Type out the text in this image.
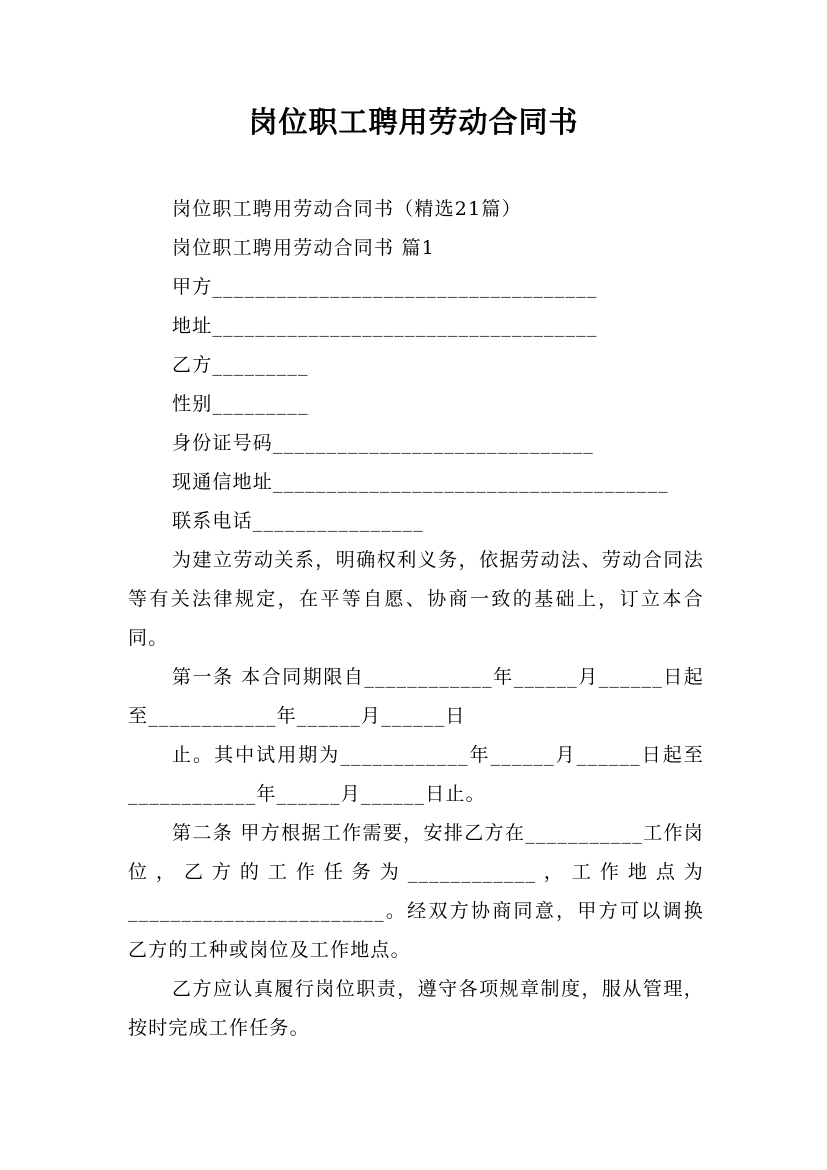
岗位职工聘用劳动合同书
岗位职工聘用劳动合同书（精选21篇）
岗位职工聘用劳动合同书 篇1
甲方____________________________________
地址____________________________________
乙方_________
性别_________
身份证号码______________________________
现通信地址_____________________________________
联系电话________________

为建立劳动关系，明确权利义务，依据劳动法、劳动合同法等有关法律规定，在平等自愿、协商一致的基础上，订立本合同。

第一条 本合同期限自____________年______月______日起至____________年______月______日

止。其中试用期为____________年______月______日起至____________年______月______日止。

第二条 甲方根据工作需要，安排乙方在___________工作岗位，乙方的工作任务为____________，工作地点为________________________。经双方协商同意，甲方可以调换乙方的工种或岗位及工作地点。

乙方应认真履行岗位职责，遵守各项规章制度，服从管理，按时完成工作任务。
